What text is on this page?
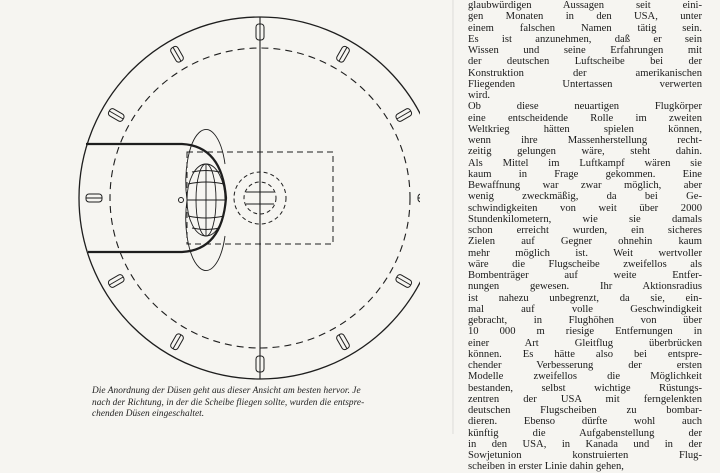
Die Anordnung der Düsen geht aus dieser Ansicht am besten hervor. Je
nach der Richtung, in der die Scheibe fliegen sollte, wurden die entspre-
chenden Düsen eingeschaltet.
glaubwürdigen Aussagen seit eini-
gen Monaten in den USA, unter
einem falschen Namen tätig sein.
Es ist anzunehmen, daß er sein
Wissen und seine Erfahrungen mit
der deutschen Luftscheibe bei der
Konstruktion der amerikanischen
Fliegenden Untertassen verwerten
wird.
Ob diese neuartigen Flugkörper
eine entscheidende Rolle im zweiten
Weltkrieg hätten spielen können,
wenn ihre Massenherstellung recht-
zeitig gelungen wäre, steht dahin.
Als Mittel im Luftkampf wären sie
kaum in Frage gekommen. Eine
Bewaffnung war zwar möglich, aber
wenig zweckmäßig, da bei Ge-
schwindigkeiten von weit über 2000
Stundenkilometern, wie sie damals
schon erreicht wurden, ein sicheres
Zielen auf Gegner ohnehin kaum
mehr möglich ist. Weit wertvoller
wäre die Flugscheibe zweifellos als
Bombenträger auf weite Entfer-
nungen gewesen. Ihr Aktionsradius
ist nahezu unbegrenzt, da sie, ein-
mal auf volle Geschwindigkeit
gebracht, in Flughöhen von über
10 000 m riesige Entfernungen in
einer Art Gleitflug überbrücken
können. Es hätte also bei entspre-
chender Verbesserung der ersten
Modelle zweifellos die Möglichkeit
bestanden, selbst wichtige Rüstungs-
zentren der USA mit ferngelenkten
deutschen Flugscheiben zu bombar-
dieren. Ebenso dürfte wohl auch
künftig die Aufgabenstellung der
in den USA, in Kanada und in der
Sowjetunion konstruierten Flug-
scheiben in erster Linie dahin gehen,
